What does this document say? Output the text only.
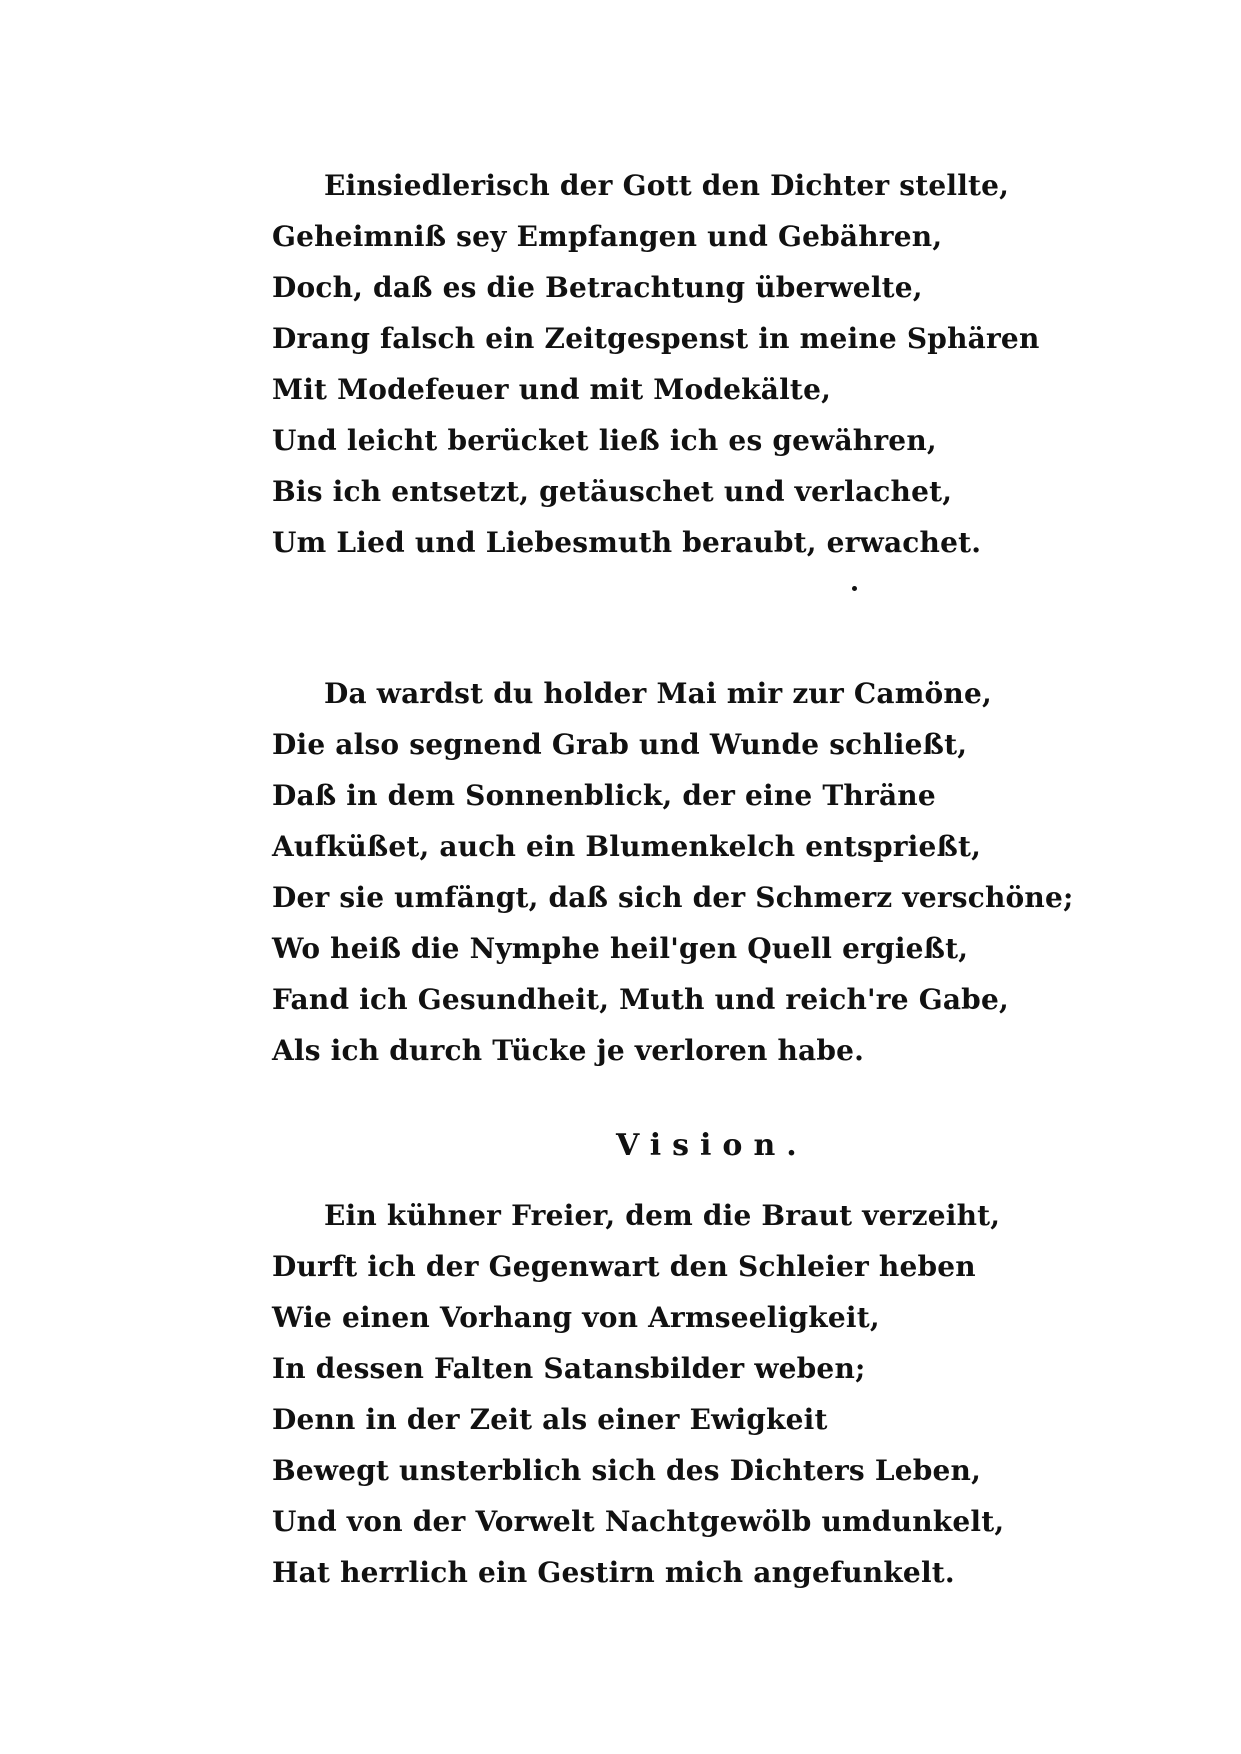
Einsiedlerisch der Gott den Dichter stellte,
Geheimniß sey Empfangen und Gebähren,
Doch, daß es die Betrachtung überwelte,
Drang falsch ein Zeitgespenst in meine Sphären
Mit Modefeuer und mit Modekälte,
Und leicht berücket ließ ich es gewähren,
Bis ich entsetzt, getäuschet und verlachet,
Um Lied und Liebesmuth beraubt, erwachet.
Da wardst du holder Mai mir zur Camöne,
Die also segnend Grab und Wunde schließt,
Daß in dem Sonnenblick, der eine Thräne
Aufküßet, auch ein Blumenkelch entsprießt,
Der sie umfängt, daß sich der Schmerz verschöne;
Wo heiß die Nymphe heil'gen Quell ergießt,
Fand ich Gesundheit, Muth und reich're Gabe,
Als ich durch Tücke je verloren habe.
Vision.
Ein kühner Freier, dem die Braut verzeiht,
Durft ich der Gegenwart den Schleier heben
Wie einen Vorhang von Armseeligkeit,
In dessen Falten Satansbilder weben;
Denn in der Zeit als einer Ewigkeit
Bewegt unsterblich sich des Dichters Leben,
Und von der Vorwelt Nachtgewölb umdunkelt,
Hat herrlich ein Gestirn mich angefunkelt.
